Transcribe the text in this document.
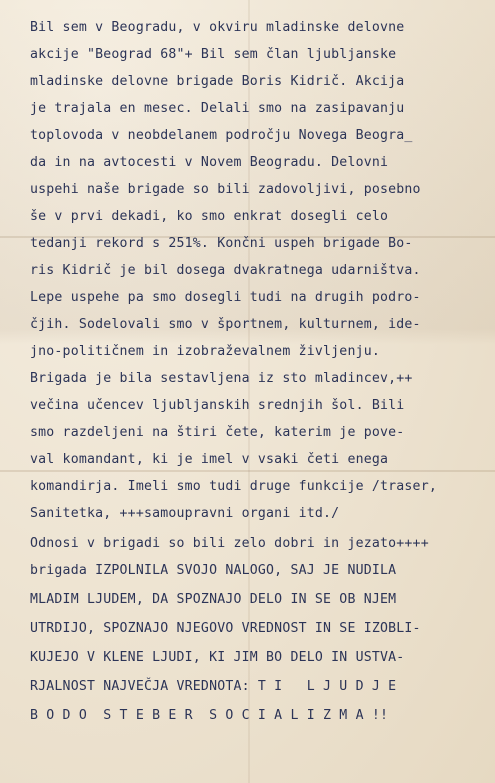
Bil sem v Beogradu, v okviru mladinske delovne
akcije "Beograd 68"+ Bil sem član ljubljanske
mladinske delovne brigade Boris Kidrič. Akcija
je trajala en mesec. Delali smo na zasipavanju
toplovoda v neobdelanem področju Novega Beogra_
da in na avtocesti v Novem Beogradu. Delovni
uspehi naše brigade so bili zadovoljivi, posebno
še v prvi dekadi, ko smo enkrat dosegli celo
tedanji rekord s 251%. Končni uspeh brigade Bo-
ris Kidrič je bil dosega dvakratnega udarništva.
Lepe uspehe pa smo dosegli tudi na drugih podro-
čjih. Sodelovali smo v športnem, kulturnem, ide-
jno-političnem in izobraževalnem življenju.
Brigada je bila sestavljena iz sto mladincev,++
večina učencev ljubljanskih srednjih šol. Bili
smo razdeljeni na štiri čete, katerim je pove-
val komandant, ki je imel v vsaki četi enega
komandirja. Imeli smo tudi druge funkcije /traser,
Sanitetka, +++samoupravni organi itd./
Odnosi v brigadi so bili zelo dobri in jezato++++
brigada IZPOLNILA SVOJO NALOGO, SAJ JE NUDILA
MLADIM LJUDEM, DA SPOZNAJO DELO IN SE OB NJEM
UTRDIJO, SPOZNAJO NJEGOVO VREDNOST IN SE IZOBLI-
KUJEJO V KLENE LJUDI, KI JIM BO DELO IN USTVA-
RJALNOST NAJVEČJA VREDNOTA: T I   L J U D J E
B O D O  S T E B E R  S O C I A L I Z M A !!
